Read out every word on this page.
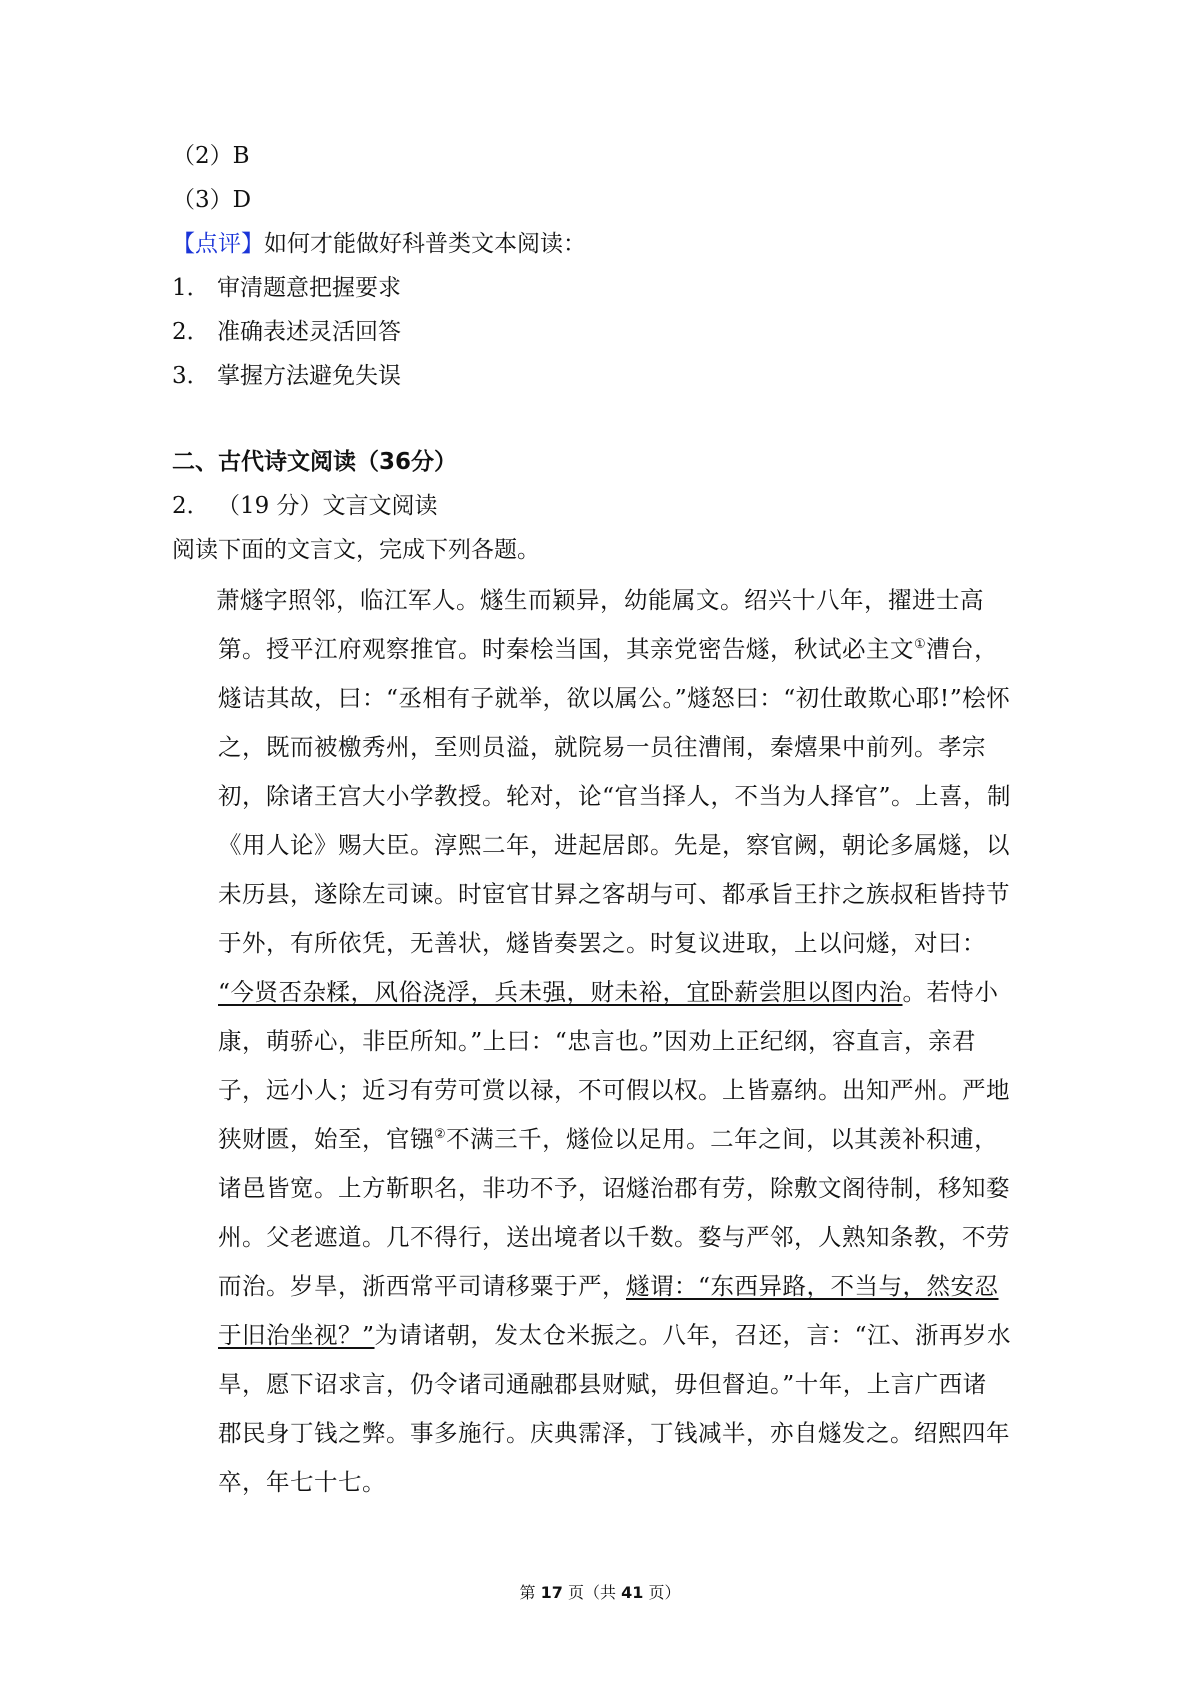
（2）B
（3）D
【点评】如何才能做好科普类文本阅读：
1． 审清题意把握要求
2． 准确表述灵活回答
3． 掌握方法避免失误
二、古代诗文阅读（36分）
2． （19 分）文言文阅读
阅读下面的文言文，完成下列各题。
萧燧字照邻，临江军人。燧生而颖异，幼能属文。绍兴十八年，擢进士高
第。授平江府观察推官。时秦桧当国，其亲党密告燧，秋试必主文①漕台，
燧诘其故，曰：“丞相有子就举，欲以属公。”燧怒曰：“初仕敢欺心耶!”桧怀
之，既而被檄秀州，至则员溢，就院易一员往漕闱，秦熺果中前列。孝宗
初，除诸王宫大小学教授。轮对，论“官当择人，不当为人择官”。上喜，制
《用人论》赐大臣。淳熙二年，进起居郎。先是，察官阙，朝论多属燧，以
未历县，遂除左司谏。时宦官甘昪之客胡与可、都承旨王抃之族叔秬皆持节
于外，有所依凭，无善状，燧皆奏罢之。时复议进取，上以问燧，对曰：
“今贤否杂糅，风俗浇浮，兵未强，财未裕，宜卧薪尝胆以图内治。若恃小
康，萌骄心，非臣所知。”上曰：“忠言也。”因劝上正纪纲，容直言，亲君
子，远小人；近习有劳可赏以禄，不可假以权。上皆嘉纳。出知严州。严地
狭财匮，始至，官镪②不满三千，燧俭以足用。二年之间，以其羡补积逋，
诸邑皆宽。上方靳职名，非功不予，诏燧治郡有劳，除敷文阁待制，移知婺
州。父老遮道。几不得行，送出境者以千数。婺与严邻，人熟知条教，不劳
而治。岁旱，浙西常平司请移粟于严，燧谓：“东西异路，不当与，然安忍
于旧治坐视？”为请诸朝，发太仓米振之。八年，召还，言：“江、浙再岁水
旱，愿下诏求言，仍令诸司通融郡县财赋，毋但督迫。”十年，上言广西诸
郡民身丁钱之弊。事多施行。庆典霈泽，丁钱减半，亦自燧发之。绍熙四年
卒，年七十七。
第 17 页（共 41 页）
